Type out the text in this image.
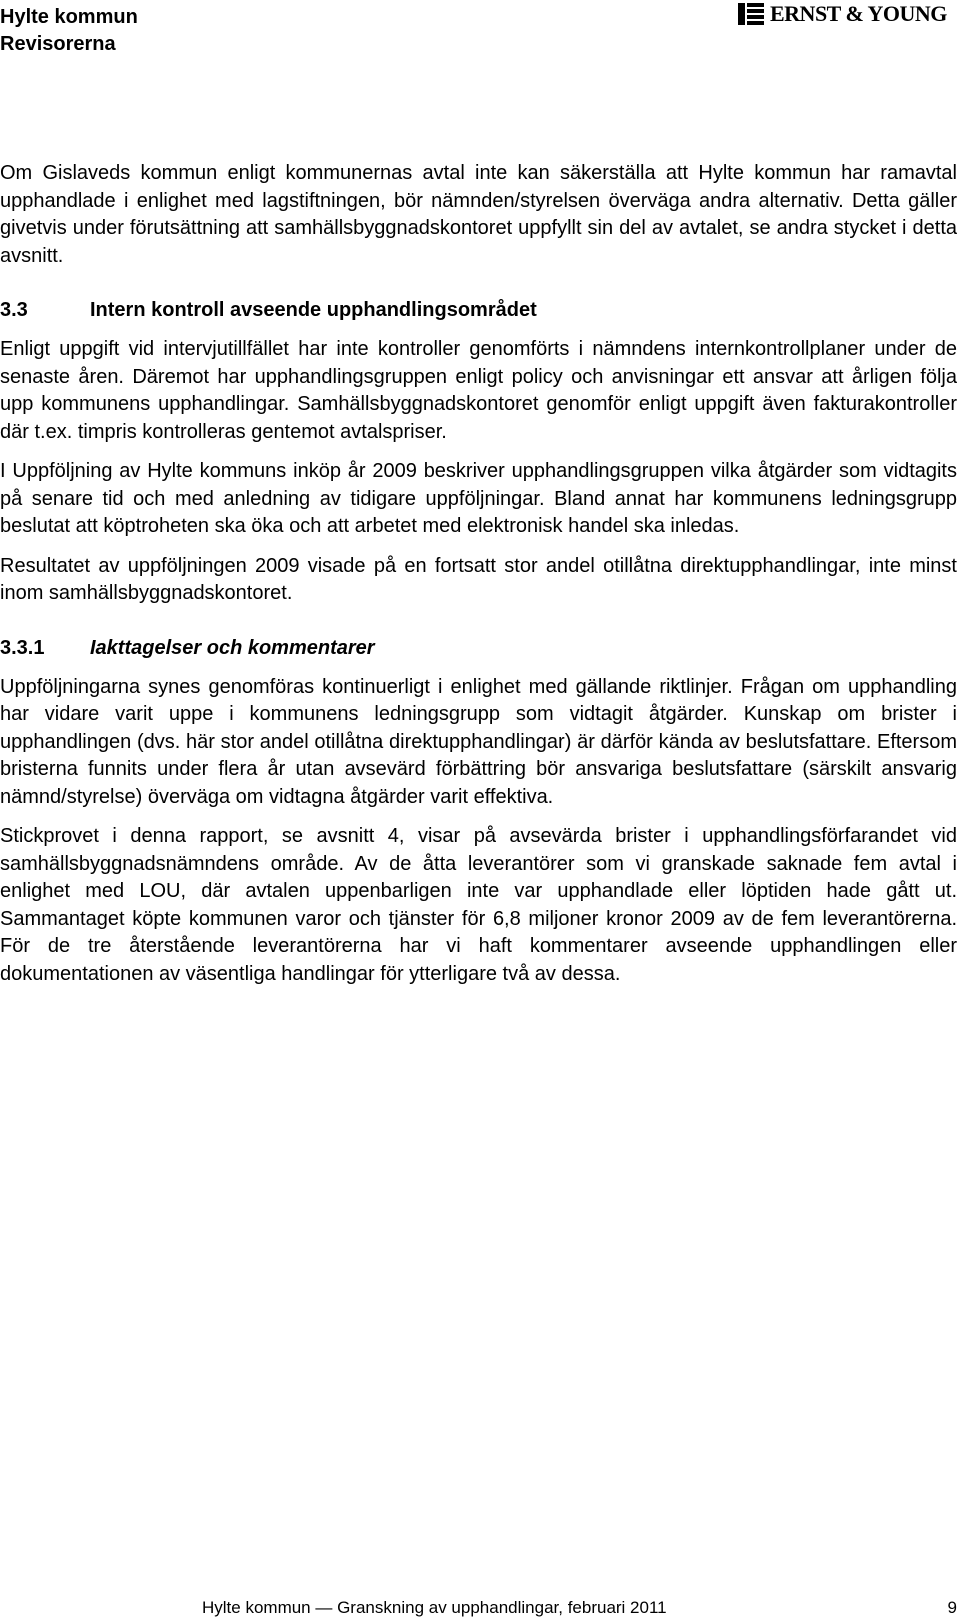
Hylte kommun
Revisorerna
ERNST & YOUNG

Om Gislaveds kommun enligt kommunernas avtal inte kan säkerställa att Hylte kommun har ramavtal upphandlade i enlighet med lagstiftningen, bör nämnden/styrelsen överväga andra alternativ. Detta gäller givetvis under förutsättning att samhällsbyggnadskontoret uppfyllt sin del av avtalet, se andra stycket i detta avsnitt.

3.3	Intern kontroll avseende upphandlingsområdet

Enligt uppgift vid intervjutillfället har inte kontroller genomförts i nämndens internkontrollplaner under de senaste åren. Däremot har upphandlingsgruppen enligt policy och anvisningar ett ansvar att årligen följa upp kommunens upphandlingar. Samhällsbyggnadskontoret genomför enligt uppgift även fakturakontroller där t.ex. timpris kontrolleras gentemot avtalspriser.

I Uppföljning av Hylte kommuns inköp år 2009 beskriver upphandlingsgruppen vilka åtgärder som vidtagits på senare tid och med anledning av tidigare uppföljningar. Bland annat har kommunens ledningsgrupp beslutat att köptroheten ska öka och att arbetet med elektronisk handel ska inledas.

Resultatet av uppföljningen 2009 visade på en fortsatt stor andel otillåtna direktupphandlingar, inte minst inom samhällsbyggnadskontoret.

3.3.1	Iakttagelser och kommentarer

Uppföljningarna synes genomföras kontinuerligt i enlighet med gällande riktlinjer. Frågan om upphandling har vidare varit uppe i kommunens ledningsgrupp som vidtagit åtgärder. Kunskap om brister i upphandlingen (dvs. här stor andel otillåtna direktupphandlingar) är därför kända av beslutsfattare. Eftersom bristerna funnits under flera år utan avsevärd förbättring bör ansvariga beslutsfattare (särskilt ansvarig nämnd/styrelse) överväga om vidtagna åtgärder varit effektiva.

Stickprovet i denna rapport, se avsnitt 4, visar på avsevärda brister i upphandlingsförfarandet vid samhällsbyggnadsnämndens område. Av de åtta leverantörer som vi granskade saknade fem avtal i enlighet med LOU, där avtalen uppenbarligen inte var upphandlade eller löptiden hade gått ut. Sammantaget köpte kommunen varor och tjänster för 6,8 miljoner kronor 2009 av de fem leverantörerna. För de tre återstående leverantörerna har vi haft kommentarer avseende upphandlingen eller dokumentationen av väsentliga handlingar för ytterligare två av dessa.

Hylte kommun — Granskning av upphandlingar, februari 2011	9
